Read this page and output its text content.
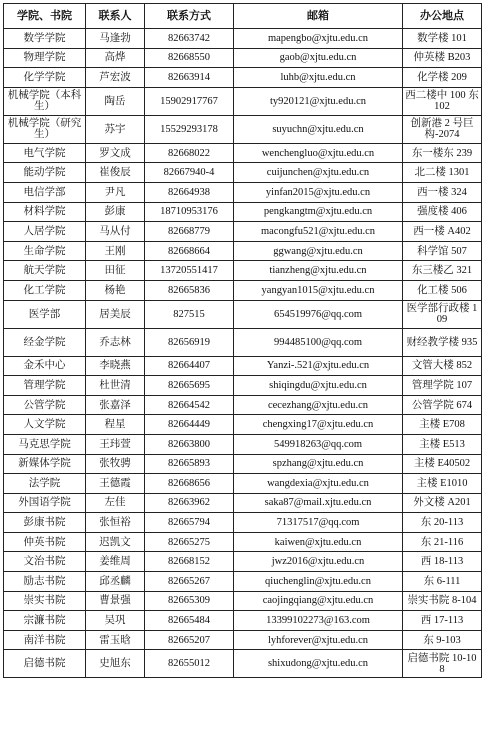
学院、书院	联系人	联系方式	邮箱	办公地点
数学学院	马逢勃	82663742	mapengbo@xjtu.edu.cn	数学楼 101
物理学院	高烨	82668550	gaob@xjtu.edu.cn	仲英楼 B203
化学学院	芦宏波	82663914	luhb@xjtu.edu.cn	化学楼 209
机械学院（本科生）	陶岳	15902917767	ty920121@xjtu.edu.cn	西二楼中 100 东 102
机械学院（研究生）	苏宇	15529293178	suyuchn@xjtu.edu.cn	创新港 2 号巨构-2074
电气学院	罗文成	82668022	wenchengluo@xjtu.edu.cn	东一楼东 239
能动学院	崔俊辰	82667940-4	cuijunchen@xjtu.edu.cn	北二楼 1301
电信学部	尹凡	82664938	yinfan2015@xjtu.edu.cn	西一楼 324
材料学院	彭康	18710953176	pengkangtm@xjtu.edu.cn	强度楼 406
人居学院	马从付	82668779	macongfu521@xjtu.edu.cn	西一楼 A402
生命学院	王刚	82668664	ggwang@xjtu.edu.cn	科学馆 507
航天学院	田征	13720551417	tianzheng@xjtu.edu.cn	东三楼乙 321
化工学院	杨艳	82665836	yangyan1015@xjtu.edu.cn	化工楼 506
医学部	居美辰	827515	654519976@qq.com	医学部行政楼 109
经金学院	乔志林	82656919	994485100@qq.com	财经教学楼 935
金禾中心	李晓燕	82664407	Yanzi-.521@xjtu.edu.cn	文管大楼 852
管理学院	杜世清	82665695	shiqingdu@xjtu.edu.cn	管理学院 107
公管学院	张嘉泽	82664542	cecezhang@xjtu.edu.cn	公管学院 674
人文学院	程星	82664449	chengxing17@xjtu.edu.cn	主楼 E708
马克思学院	王玮萱	82663800	549918263@qq.com	主楼 E513
新媒体学院	张牧骋	82665893	spzhang@xjtu.edu.cn	主楼 E40502
法学院	王德霞	82668656	wangdexia@xjtu.edu.cn	主楼 E1010
外国语学院	左佳	82663962	saka87@mail.xjtu.edu.cn	外文楼 A201
彭康书院	张恒裕	82665794	71317517@qq.com	东 20-113
仲英书院	迟凯文	82665275	kaiwen@xjtu.edu.cn	东 21-116
文治书院	姜维周	82668152	jwz2016@xjtu.edu.cn	西 18-113
励志书院	邱丞麟	82665267	qiuchenglin@xjtu.edu.cn	东 6-111
崇实书院	曹景强	82665309	caojingqiang@xjtu.edu.cn	崇实书院 8-104
宗濂书院	吴巩	82665484	13399102273@163.com	西 17-113
南洋书院	雷玉晗	82665207	lyhforever@xjtu.edu.cn	东 9-103
启德书院	史旭东	82655012	shixudong@xjtu.edu.cn	启德书院 10-108
